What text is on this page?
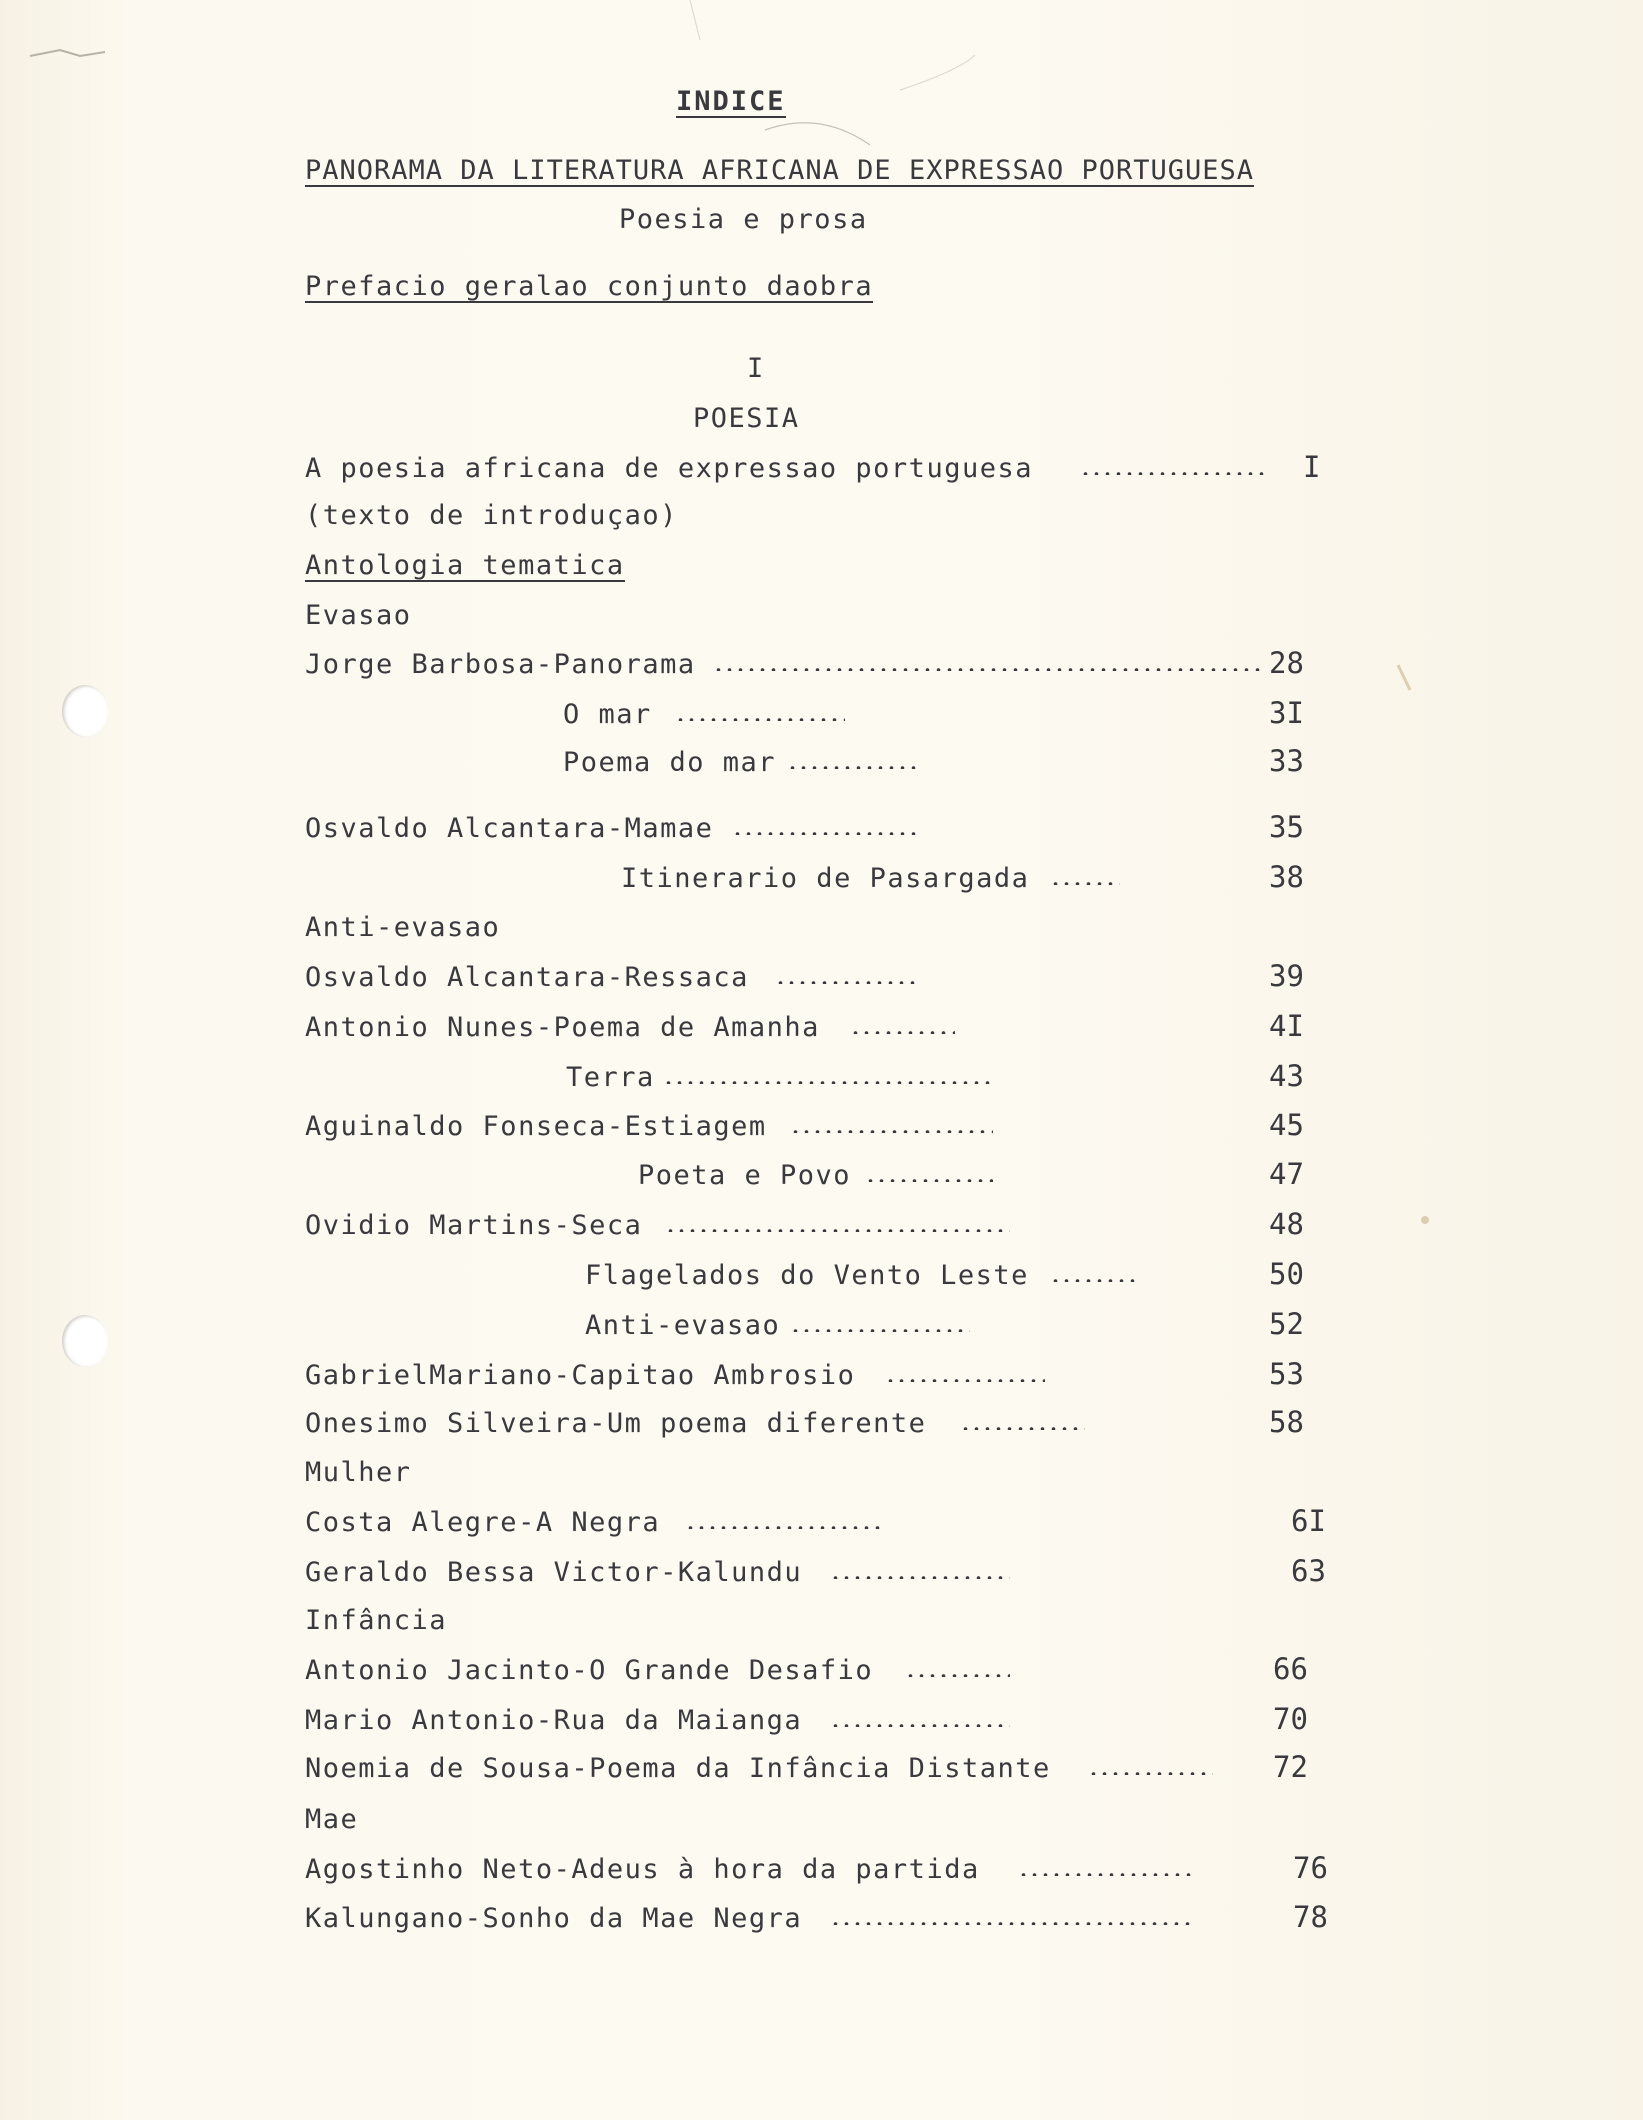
INDICE
PANORAMA DA LITERATURA AFRICANA DE EXPRESSAO PORTUGUESA
Poesia e prosa
Prefacio geralao conjunto daobra
I
POESIA
A poesia africana de expressao portuguesa	I
(texto de introduçao)
Antologia tematica
Evasao
Jorge Barbosa-Panorama	28
O mar	3I
Poema do mar	33
Osvaldo Alcantara-Mamae	35
Itinerario de Pasargada	38
Anti-evasao
Osvaldo Alcantara-Ressaca	39
Antonio Nunes-Poema de Amanha	4I
Terra	43
Aguinaldo Fonseca-Estiagem	45
Poeta e Povo	47
Ovidio Martins-Seca	48
Flagelados do Vento Leste	50
Anti-evasao	52
GabrielMariano-Capitao Ambrosio	53
Onesimo Silveira-Um poema diferente	58
Mulher
Costa Alegre-A Negra	6I
Geraldo Bessa Victor-Kalundu	63
Infância
Antonio Jacinto-O Grande Desafio	66
Mario Antonio-Rua da Maianga	70
Noemia de Sousa-Poema da Infância Distante	72
Mae
Agostinho Neto-Adeus à hora da partida	76
Kalungano-Sonho da Mae Negra	78
